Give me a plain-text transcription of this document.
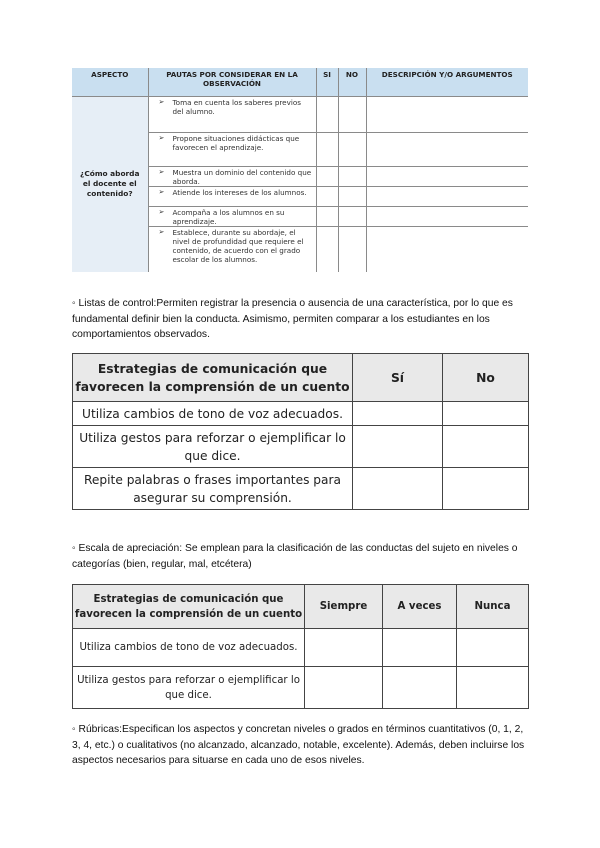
ASPECTO	PAUTAS POR CONSIDERAR EN LA OBSERVACIÓN	SI	NO	DESCRIPCIÓN Y/O ARGUMENTOS
¿Cómo aborda el docente el contenido?	➢ Toma en cuenta los saberes previos del alumno.			

	➢ Propone situaciones didácticas que favorecen el aprendizaje.			

	➢ Muestra un dominio del contenido que aborda.			

	➢ Atiende los intereses de los alumnos.			

	➢ Acompaña a los alumnos en su aprendizaje.			

	➢ Establece, durante su abordaje, el nivel de profundidad que requiere el contenido, de acuerdo con el grado escolar de los alumnos.			

◦ Listas de control:Permiten registrar la presencia o ausencia de una característica, por lo que es fundamental definir bien la conducta. Asimismo, permiten comparar a los estudiantes en los comportamientos observados.
Estrategias de comunicación que favorecen la comprensión de un cuento	Sí	No
Utiliza cambios de tono de voz adecuados.		
Utiliza gestos para reforzar o ejemplificar lo que dice.		
Repite palabras o frases importantes para asegurar su comprensión.		
◦ Escala de apreciación: Se emplean para la clasificación de las conductas del sujeto en niveles o categorías (bien, regular, mal, etcétera)
Estrategias de comunicación que favorecen la comprensión de un cuento	Siempre	A veces	Nunca
Utiliza cambios de tono de voz adecuados.			
Utiliza gestos para reforzar o ejemplificar lo que dice.			
◦ Rúbricas:Especifican los aspectos y concretan niveles o grados en términos cuantitativos (0, 1, 2, 3, 4, etc.) o cualitativos (no alcanzado, alcanzado, notable, excelente). Además, deben incluirse los aspectos necesarios para situarse en cada uno de esos niveles.
